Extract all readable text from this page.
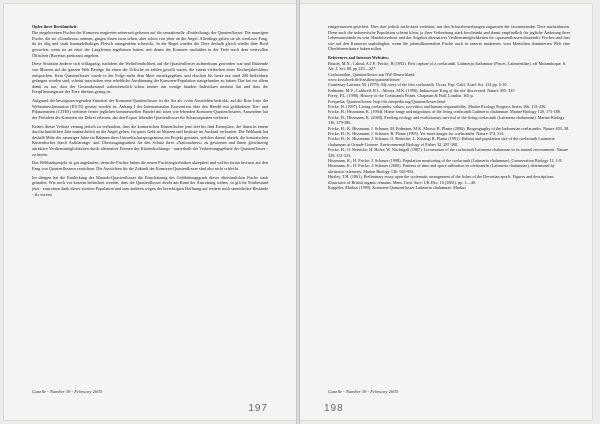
Opfer ihrer Berühmtheit:

Die eingeborenen Fischer der Komoren reagierten seinerzeit gelassen auf die sensationelle «Entdeckung» der Quastenflosser. Die munsigen Fische, die sie «Gombessa» nennen, gingen ihnen zwar selten, aber schon von jeher an die Angel. Allerdings gelten sie als wertloser Fang, da sie ölig und stark haarnadelhaltiges Fleisch unangenehm schmeckt. In der Regel wurden die Tiere deshalb gleich wieder über Bord geworfen, wenn sie an einer der Langleinen angebissen hatten, mit denen die Komorer nachtüber in der Tiefe nach dem wertvollen Ölfischen (Ruvettus pretiosus) angelten.

Diese Situation änderte sich schlagartig, nachdem die Weltöffentlichkeit auf die Quastenflosser aufmerksam geworden war und Dutzende von Museen auf der ganzen Welt Beträge für einen der Urfische zu zahlen gewillt waren, die einem vielfachen eines Fischerjahreslohns entsprachen. Kein Quastenflosser wurde in der Folge mehr dem Meer zurückgegeben, und obschon bis heute nur rund 200 Individuen gefangen worden sind, scheint inzwischen eine erhebliche Ausdünnung der Komoren-Population stattgefunden zu haben: Das hat vor allem damit zu tun, dass der Gesamtbestand wahrscheinlich schon immer nur wenige hundert Individuen umfasst hat und dass die Fortpflanzungsrate der Tiere überaus gering ist.

Aufgrund der besorgniserregenden Situation der Komoren-Quastenflosser ist die Art als «vom Aussterben bedroht» auf die Rote Liste der Weltnaturschutzunion (IUCN) gesetzt worden ist. Anhang I der Internationalen Konvention über den Handel mit gefährdeten Tier- und Pflanzenarten (CITES) verbieter ferner jeglichen kommerziellen Handel mit toten wie lebenden Komoren-Quastenflossern. Ausserdem hat der Präsident der Komoren ein Dekret erlassen, das den Export lebender Quastenflosser für Schausaquarien verbietet.

Keines dieser Verbote vermag jedoch zu verhindern, dass die komorischen Küstenfischer jene drei bis fünf Exemplare, die ihnen in einem durchschnittlichen Jahr unabsichtlich an die Angel gehen, für gutes Geld an Museen und Institute im Ausland verkaufen. Die Weltbank hat deshalb Mitte der neunziger Jahre im Rahmen ihres Umweltschutzprogramms ein Projekt gestartet, welches darauf abzielt, die komorischen Küstenfischer durch Aufklärungs- und Überzeugungsarbeit für den Schutz ihres «Nationaltiers» zu gewinnen und ihnen gleichzeitig attraktive Verdienstmöglichkeiten durch alternative Formen des Küstenfischfangs - ausserhalb der Verbreitungsgebiete der Quastenflosser - zu bieten.

Das Weltbankprojekt ist gut angelaufen, denn die Fischer haben die neuen Fischfangtechniken akzeptiert und wollen fortan bewusst auf den Fang von Quastenflossern verzichten. Die Aussichten für die Zukunft der Komoren-Quastenflosser sind also nicht schlecht.

Im übrigen hat die Entdeckung der Manado-Quastenflosser die Einschätzung des Gefährdungsgrads dieser altertümlichen Fische stark geändert. Wie noch vor kurzem befürchtet worden, dass die Quastenflosser direkt am Rand der Ausrottung stehen, so gilt ihr Fortbestand jetzt - zum einen dank dieser zweiten Population und zum anderen wegen der berechtigten Hoffnung auf weitere noch unentdeckte Bestände - als vorerst

Gazelle - Number 38 - February 2005
197

einigermassen gesichert. Dies darf jedoch nicht dazu verleiten, mit den Schutzbestrebungen zugunsten der faszinierenden Tiere nachzulassen. Denn auch die indonesische Population scheint klein, ja ihrer Verbreitung stark beschränkt und damit empfindlich für jegliche Änderung ihrer Lebensumstände zu sein. Handelsverbote und das Angebot alternativer Verdienstmöglichkeiten für «quastenflosserschonende» Fischer sind hier wie auf den Komoren unabdingbar, wenn die jahrmillionenalten Fische auch in unserer modernen, vom Menschen dominierten Welt eine Überlebenschance haben sollen.

References and Internet Websites:

Bruton, M.N.; Cabral, A.J.P.; Fricke, H (1992). First capture of a coelacanth, Latimeria chalumnae (Pisces, Latimeriidae), off Mozambique. S. Afr. J. Sci. 88, pp 225—227.

Coelacanthus_Quastenflosser aus NW-Deutschland

www.fossilweb.de/fossilien/quastenflosser/

Courtenay-Latimer, M. (1979). My story of the first coelacanth. Occas. Pap. Calif. Acad. Sci. 134 pp. 6-10.

Erdmann, M.V.; Caldwell, R.L.; Moosa, M.K. (1998). Indonesian 'King of the sea' discovered. Nature 395: 335.

Forey, P.L. (1998). History of the Coelacanth Fishes. Chapman & Hall, London. 365 p.

Freepedia, Quastenflosser. http://de.freepedia.org/Quastenflosser.html

Fricke, H. (1997). Living coelacanths: values, eco-ethics and human responsibility. Marine Ecology Progress Series 166, 231-236.

Fricke, H.; Hissmann, K. (1994). Home range and migrations of the living coelacanth Latimeria chalumnae. Marine Biology 120, 171-180.

Fricke, H.; Hissmann, K. (2000). Feeding ecology and evolutionary survival of the living coelacanth (Latimeria chalumnae). Marine Biology 136, 379-386.

Fricke, H.; K. Hissmann, J. Schauer, M. Erdmann, M.K. Moosa; R. Plante (2000). Biogeography of the Indonesian coelacanths. Nature 403, 38.

Fricke, H.; K. Hissmann, J. Schauer; R. Plante (1995). Yet more danger for coelacanths. Nature 374, 314.

Fricke, H.; K. Hissmann; J. Schauer, O. Reinicke; L. Kasang; R. Plante (1991). Habitat and population size of the coelacanth Latimeria chalumnae at Grande Comore. Environmental Biology of Fishes 32, 287-300.

Fricke, H.; O. Reinicke; H. Hofer; W. Nachtigall (1987). Locomotion of the coelacanth Latimeria chalumnae in its natural environment. Nature 329, 331-333.

Hissmann, K.; H. Fricke; J. Schauer (1998). Population monitoring of the coelacanth (Latimeria chalumnae). Conservation Biology 12, 1-8.

Hissmann, K.; H. Fricke; J. Schauer (2000). Patterns of time and space utilisation in coelacanths (Latimeria chalumnae), determined by ultrasonic telemetry. Marine Biology 136: 943-952.

Huxley, T.H. (1861). Preliminary essay upon the systematic arrangement of the fishes of the Devonian epoch. Figures and descriptions illustrative of British organic remains. Mem. Geol. Surv. UK Dec. 10 (1861). pp. 1—40.

Kappeler, Markus (1999). Komoren-Quastenflosser Latimeria chalumnae. Markus

Gazelle - Number 38 - February 2005
198
